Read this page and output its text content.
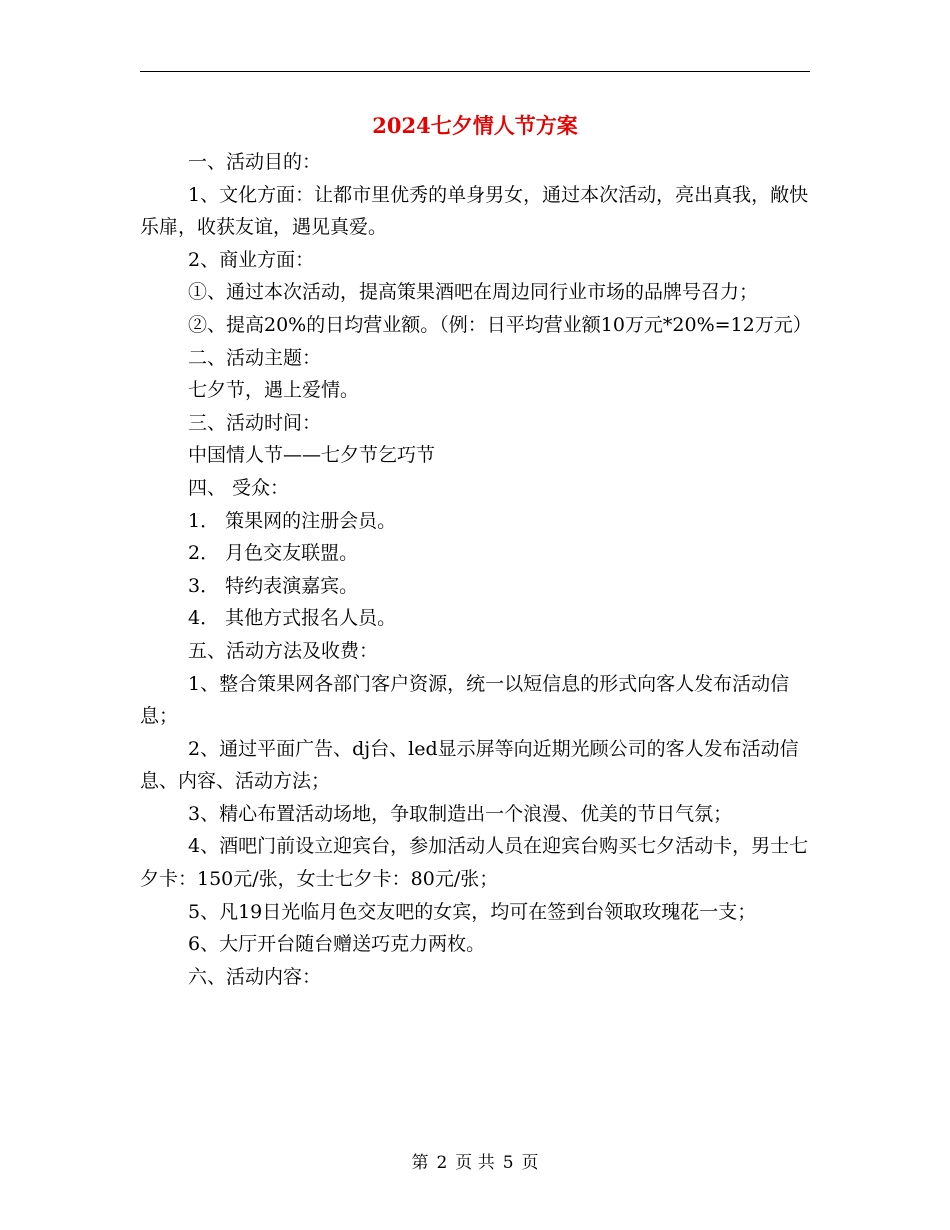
2024七夕情人节方案

一、活动目的：

1、文化方面：让都市里优秀的单身男女，通过本次活动，亮出真我，敞快乐扉，收获友谊，遇见真爱。

2、商业方面：

①、通过本次活动，提高策果酒吧在周边同行业市场的品牌号召力；

②、提高20%的日均营业额。（例：日平均营业额10万元*20%=12万元）

二、活动主题：

七夕节，遇上爱情。

三、活动时间：

中国情人节——七夕节乞巧节

四、 受众：

1． 策果网的注册会员。

2． 月色交友联盟。

3． 特约表演嘉宾。

4． 其他方式报名人员。

五、活动方法及收费：

1、整合策果网各部门客户资源，统一以短信息的形式向客人发布活动信息；

2、通过平面广告、dj台、led显示屏等向近期光顾公司的客人发布活动信息、内容、活动方法；

3、精心布置活动场地，争取制造出一个浪漫、优美的节日气氛；

4、酒吧门前设立迎宾台，参加活动人员在迎宾台购买七夕活动卡，男士七夕卡：150元/张，女士七夕卡：80元/张；

5、凡19日光临月色交友吧的女宾，均可在签到台领取玫瑰花一支；

6、大厅开台随台赠送巧克力两枚。

六、活动内容：

第 2 页 共 5 页
